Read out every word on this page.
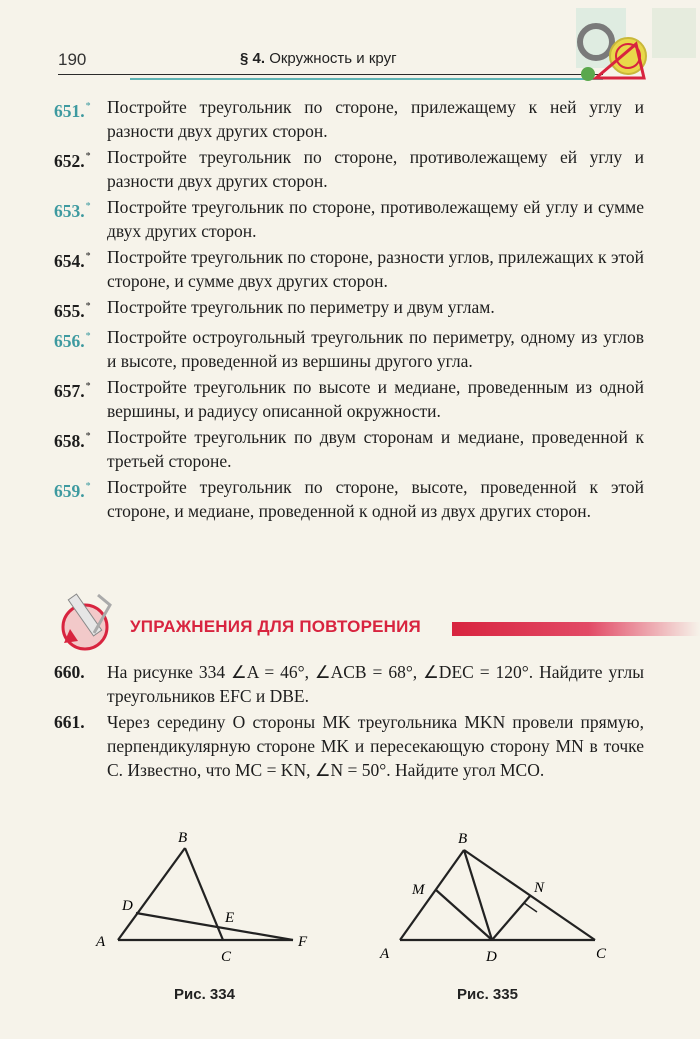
190	§ 4. Окружность и круг
651.* Постройте треугольник по стороне, прилежащему к ней углу и разности двух других сторон.
652.* Постройте треугольник по стороне, противолежащему ей углу и разности двух других сторон.
653.* Постройте треугольник по стороне, противолежащему ей углу и сумме двух других сторон.
654.* Постройте треугольник по стороне, разности углов, прилежащих к этой стороне, и сумме двух других сторон.
655.* Постройте треугольник по периметру и двум углам.
656.* Постройте остроугольный треугольник по периметру, одному из углов и высоте, проведенной из вершины другого угла.
657.* Постройте треугольник по высоте и медиане, проведенным из одной вершины, и радиусу описанной окружности.
658.* Постройте треугольник по двум сторонам и медиане, проведенной к третьей стороне.
659.* Постройте треугольник по стороне, высоте, проведенной к этой стороне, и медиане, проведенной к одной из двух других сторон.
УПРАЖНЕНИЯ ДЛЯ ПОВТОРЕНИЯ
660.	На рисунке 334 ∠A = 46°, ∠ACB = 68°, ∠DEC = 120°. Найдите углы треугольников EFC и DBE.
661.	Через середину O стороны MK треугольника MKN провели прямую, перпендикулярную стороне MK и пересекающую сторону MN в точке C. Известно, что MC = KN, ∠N = 50°. Найдите угол MCO.
B
D
E
A
C
F
Рис. 334
B
M	N
A	D	C
Рис. 335
